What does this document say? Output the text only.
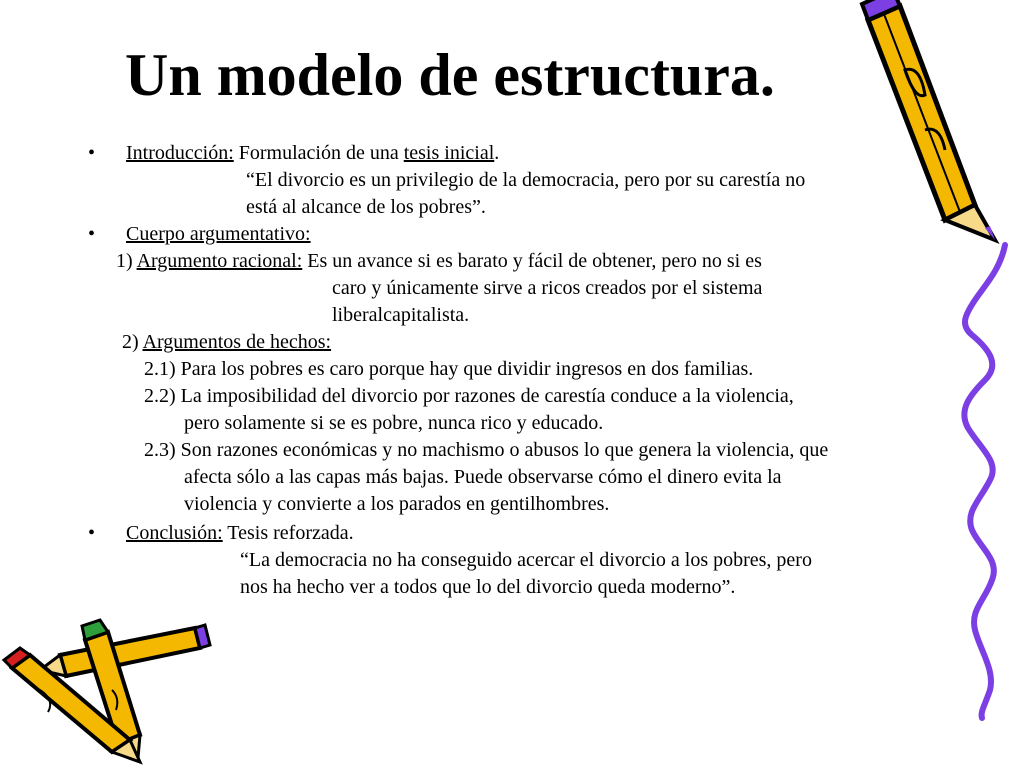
Un modelo de estructura.
• Introducción: Formulación de una tesis inicial.
“El divorcio es un privilegio de la democracia, pero por su carestía no
está al alcance de los pobres”.
• Cuerpo argumentativo:
1) Argumento racional: Es un avance si es barato y fácil de obtener, pero no si es
caro y únicamente sirve a ricos creados por el sistema
liberalcapitalista.
2) Argumentos de hechos:
2.1) Para los pobres es caro porque hay que dividir ingresos en dos familias.
2.2) La imposibilidad del divorcio por razones de carestía conduce a la violencia,
pero solamente si se es pobre, nunca rico y educado.
2.3) Son razones económicas y no machismo o abusos lo que genera la violencia, que
afecta sólo a las capas más bajas. Puede observarse cómo el dinero evita la
violencia y convierte a los parados en gentilhombres.
• Conclusión: Tesis reforzada.
“La democracia no ha conseguido acercar el divorcio a los pobres, pero
nos ha hecho ver a todos que lo del divorcio queda moderno”.
